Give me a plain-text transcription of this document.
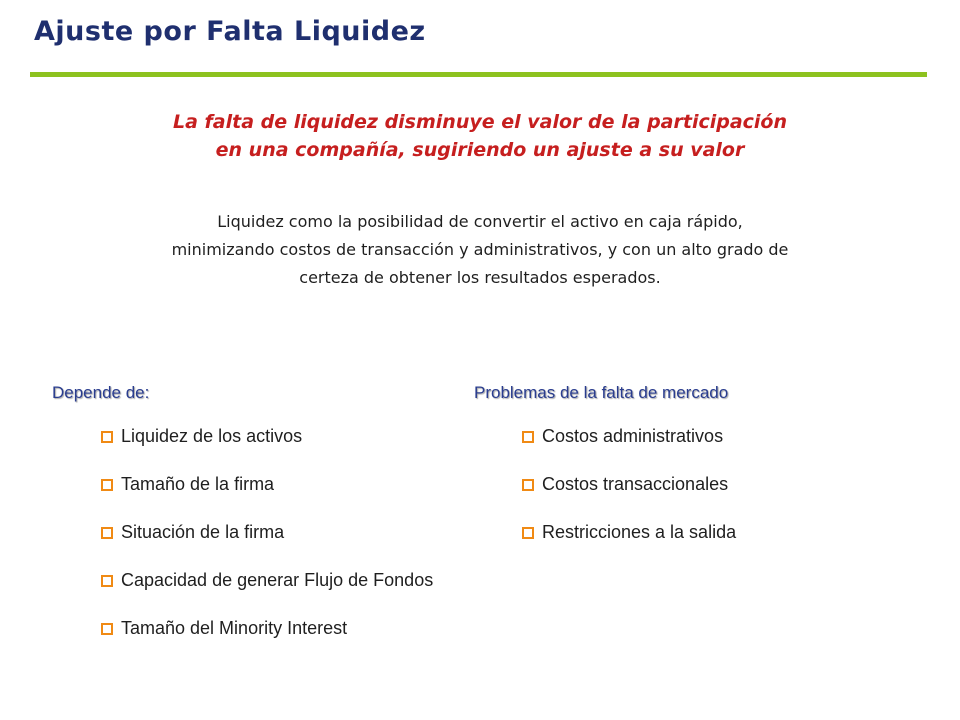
Ajuste por Falta Liquidez
La falta de liquidez disminuye el valor de la participación
en una compañía, sugiriendo un ajuste a su valor
Liquidez como la posibilidad de convertir el activo en caja rápido,
minimizando costos de transacción y administrativos, y con un alto grado de
certeza de obtener los resultados esperados.
Depende de:	Problemas de la falta de mercado
Liquidez de los activos
Tamaño de la firma
Situación de la firma
Capacidad de generar Flujo de Fondos
Tamaño del Minority Interest
Costos administrativos
Costos transaccionales
Restricciones a la salida
